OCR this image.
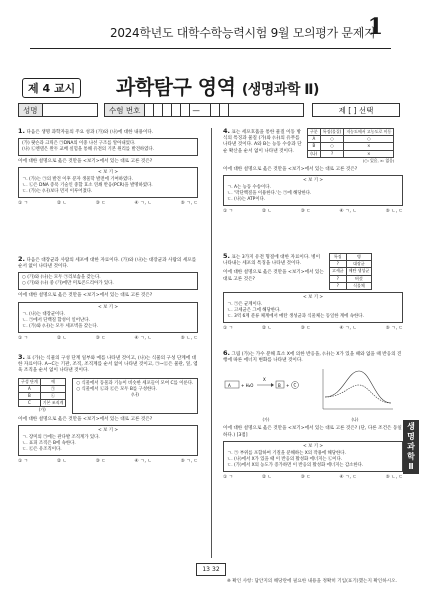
2024학년도 대학수학능력시험 9월 모의평가 문제지
1
제 4 교시	과학탐구 영역 (생명과학 Ⅱ)
성명	수험 번호	—	제 [ ] 선택
1. 다음은 생명 과학자들의 주요 성과 (가)와 (나)에 대한 내용이다.
(가) 왓슨과 크릭은 ㉠DNA의 이중 나선 구조를 알아내었다.
(나) ㉡멘델은 완두 교배 실험을 통해 유전의 기본 원리를 발견하였다.
이에 대한 설명으로 옳은 것만을 <보기>에서 있는 대로 고른 것은?
< 보 기 >
ㄱ. (가)는 ㉠의 발견 이후 분자 생물학 발전에 기여하였다.
ㄴ. ㉡은 DNA 증폭 기술인 중합 효소 연쇄 반응(PCR)을 발명하였다.
ㄷ. (가)는 (나)보다 먼저 이루어졌다.
① ㄱ	② ㄴ	③ ㄷ	④ ㄱ, ㄴ	⑤ ㄱ, ㄷ
2. 다음은 대장균과 사람의 세포에 대한 자료이다. (가)와 (나)는 대장균과 사람의 세포를 순서 없이 나타낸 것이다.
○ (가)와 (나)는 모두 ㉠리보솜을 갖는다.
○ (가)와 (나) 중 (가)에만 미토콘드리아가 있다.
이에 대한 설명으로 옳은 것만을 <보기>에서 있는 대로 고른 것은?
< 보 기 >
ㄱ. (나)는 대장균이다.
ㄴ. ㉠에서 단백질 합성이 일어난다.
ㄷ. (가)와 (나)는 모두 세포벽을 갖는다.
① ㄱ	② ㄴ	③ ㄷ	④ ㄱ, ㄴ	⑤ ㄴ, ㄷ
3. 표 (가)는 식물의 구성 단계 일부와 예를 나타낸 것이고, (나)는 식물의 구성 단계에 대한 자료이다. A~C는 기관, 조직, 조직계를 순서 없이 나타낸 것이고, ㉠~㉢은 물관, 잎, 엽육 조직을 순서 없이 나타낸 것이다.
구성 단계	예
A	㉠
B	㉡
C	기본 조직계
(가)
○ 식물에서 동물과 기능이 비슷한 세포들이 모여 C를 이룬다.
○ 식물에서 ㉡과 ㉢은 모두 B를 구성한다.
(나)
이에 대한 설명으로 옳은 것만을 <보기>에서 있는 대로 고른 것은?
< 보 기 >
ㄱ. 장미의 ㉠에는 관다발 조직계가 있다.
ㄴ. 표피 조직은 B에 속한다.
ㄷ. ㉢은 유조직이다.
① ㄱ	② ㄴ	③ ㄷ	④ ㄱ, ㄴ	⑤ ㄱ, ㄷ
4. 표는 세포호흡을 통한 물질 이동 방식의 특징과 물질 (가)와 (나)의 유무를 나타낸 것이다. A와 B는 능동 수송과 단순 확산을 순서 없이 나타낸 것이다.
구분	특징(물질)	저농도에서 고농도로 이동
A	○	○
B	○	×
(나)	?	×
(○: 있음, ×: 없음)
이에 대한 설명으로 옳은 것만을 <보기>에서 있는 대로 고른 것은?
< 보 기 >
ㄱ. A는 능동 수송이다.
ㄴ. '막단백질을 이용한다.'는 ㉠에 해당한다.
ㄷ. (나)는 ATP이다.
① ㄱ	② ㄴ	③ ㄷ	④ ㄱ, ㄴ	⑤ ㄴ, ㄷ
5. 표는 3가지 유전 형질에 대한 자료이다. 병이 나타내는 세포의 특징을 나타낸 것이다.
이에 대한 설명으로 옳은 것만을 <보기>에서 있는 대로 고른 것은?
특징	병
?	대장균
고세균	메탄 생성균
?	버섯
?	식물체
< 보 기 >
ㄱ. ㉠은 균계이다.
ㄴ. 고세균은 그에 해당한다.
ㄷ. 3역 6계 분류 체계에서 메탄 생성균과 식물체는 동일한 계에 속한다.
① ㄱ	② ㄴ	③ ㄷ	④ ㄱ, ㄴ	⑤ ㄱ, ㄷ
6. 그림 (가)는 가수 분해 효소 X에 의한 반응을, (나)는 X가 있을 때와 없을 때 반응의 진행에 따른 에너지 변화를 나타낸 것이다.
A	+ H₂O
X
B + C
(가)	(나)
이에 대한 설명으로 옳은 것만을 <보기>에서 있는 대로 고른 것은? (단, 다른 조건은 동일하다.) [3점]
< 보 기 >
ㄱ. ㉠ 부위를 포함하여 기질을 분해하는 X의 작용에 해당한다.
ㄴ. (나)에서 X가 있을 때 이 반응의 활성화 에너지는 ㉡이다.
ㄷ. (가)에서 X의 농도가 증가하면 이 반응의 활성화 에너지는 감소한다.
① ㄱ	② ㄴ	③ ㄷ	④ ㄱ, ㄷ	⑤ ㄴ, ㄷ
생
명
과
학
Ⅱ
13 32
※ 확인 사항: 답안지의 해당란에 필요한 내용을 정확히 기입(표기)했는지 확인하시오.
